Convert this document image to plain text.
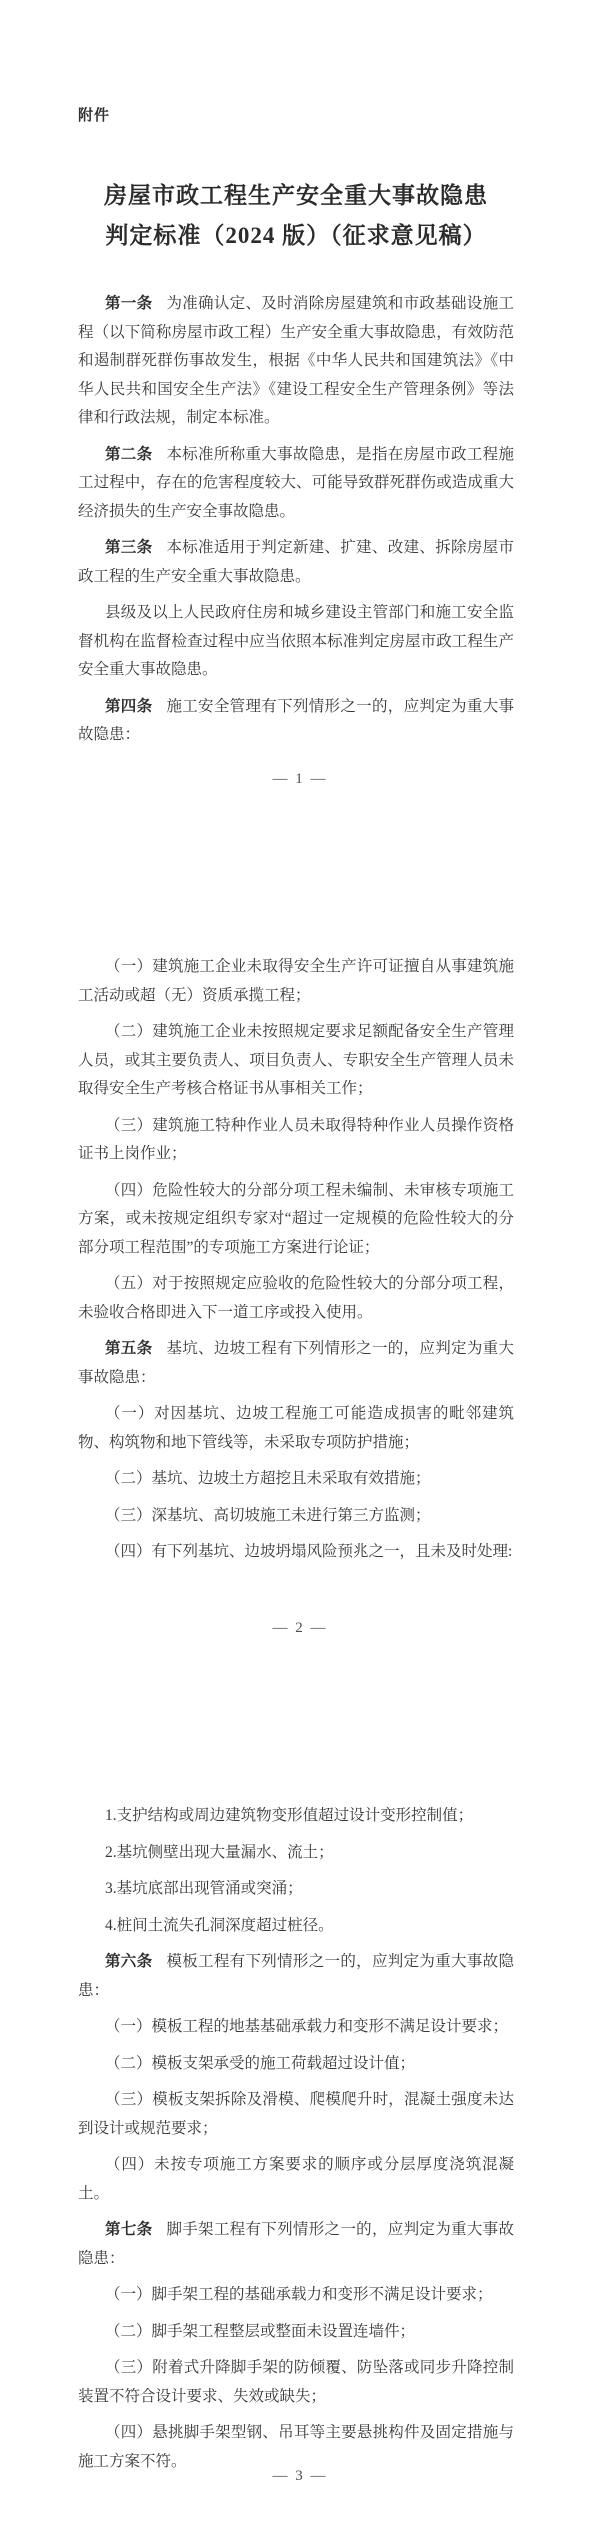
附件
房屋市政工程生产安全重大事故隐患
判定标准（2024 版）（征求意见稿）

第一条 为准确认定、及时消除房屋建筑和市政基础设施工程（以下简称房屋市政工程）生产安全重大事故隐患，有效防范和遏制群死群伤事故发生，根据《中华人民共和国建筑法》《中华人民共和国安全生产法》《建设工程安全生产管理条例》等法律和行政法规，制定本标准。

第二条 本标准所称重大事故隐患，是指在房屋市政工程施工过程中，存在的危害程度较大、可能导致群死群伤或造成重大经济损失的生产安全事故隐患。

第三条 本标准适用于判定新建、扩建、改建、拆除房屋市政工程的生产安全重大事故隐患。

县级及以上人民政府住房和城乡建设主管部门和施工安全监督机构在监督检查过程中应当依照本标准判定房屋市政工程生产安全重大事故隐患。

第四条 施工安全管理有下列情形之一的，应判定为重大事故隐患：

— 1 —

（一）建筑施工企业未取得安全生产许可证擅自从事建筑施工活动或超（无）资质承揽工程；

（二）建筑施工企业未按照规定要求足额配备安全生产管理人员，或其主要负责人、项目负责人、专职安全生产管理人员未取得安全生产考核合格证书从事相关工作；

（三）建筑施工特种作业人员未取得特种作业人员操作资格证书上岗作业；

（四）危险性较大的分部分项工程未编制、未审核专项施工方案，或未按规定组织专家对“超过一定规模的危险性较大的分部分项工程范围”的专项施工方案进行论证；

（五）对于按照规定应验收的危险性较大的分部分项工程，未验收合格即进入下一道工序或投入使用。

第五条 基坑、边坡工程有下列情形之一的，应判定为重大事故隐患：

（一）对因基坑、边坡工程施工可能造成损害的毗邻建筑物、构筑物和地下管线等，未采取专项防护措施；

（二）基坑、边坡土方超挖且未采取有效措施；

（三）深基坑、高切坡施工未进行第三方监测；

（四）有下列基坑、边坡坍塌风险预兆之一，且未及时处理:

— 2 —

1.支护结构或周边建筑物变形值超过设计变形控制值；

2.基坑侧壁出现大量漏水、流土；

3.基坑底部出现管涌或突涌；

4.桩间土流失孔洞深度超过桩径。

第六条 模板工程有下列情形之一的，应判定为重大事故隐患：

（一）模板工程的地基基础承载力和变形不满足设计要求；

（二）模板支架承受的施工荷载超过设计值；

（三）模板支架拆除及滑模、爬模爬升时，混凝土强度未达到设计或规范要求；

（四）未按专项施工方案要求的顺序或分层厚度浇筑混凝土。

第七条 脚手架工程有下列情形之一的，应判定为重大事故隐患：

（一）脚手架工程的基础承载力和变形不满足设计要求；

（二）脚手架工程整层或整面未设置连墙件；

（三）附着式升降脚手架的防倾覆、防坠落或同步升降控制装置不符合设计要求、失效或缺失；

（四）悬挑脚手架型钢、吊耳等主要悬挑构件及固定措施与施工方案不符。

— 3 —
